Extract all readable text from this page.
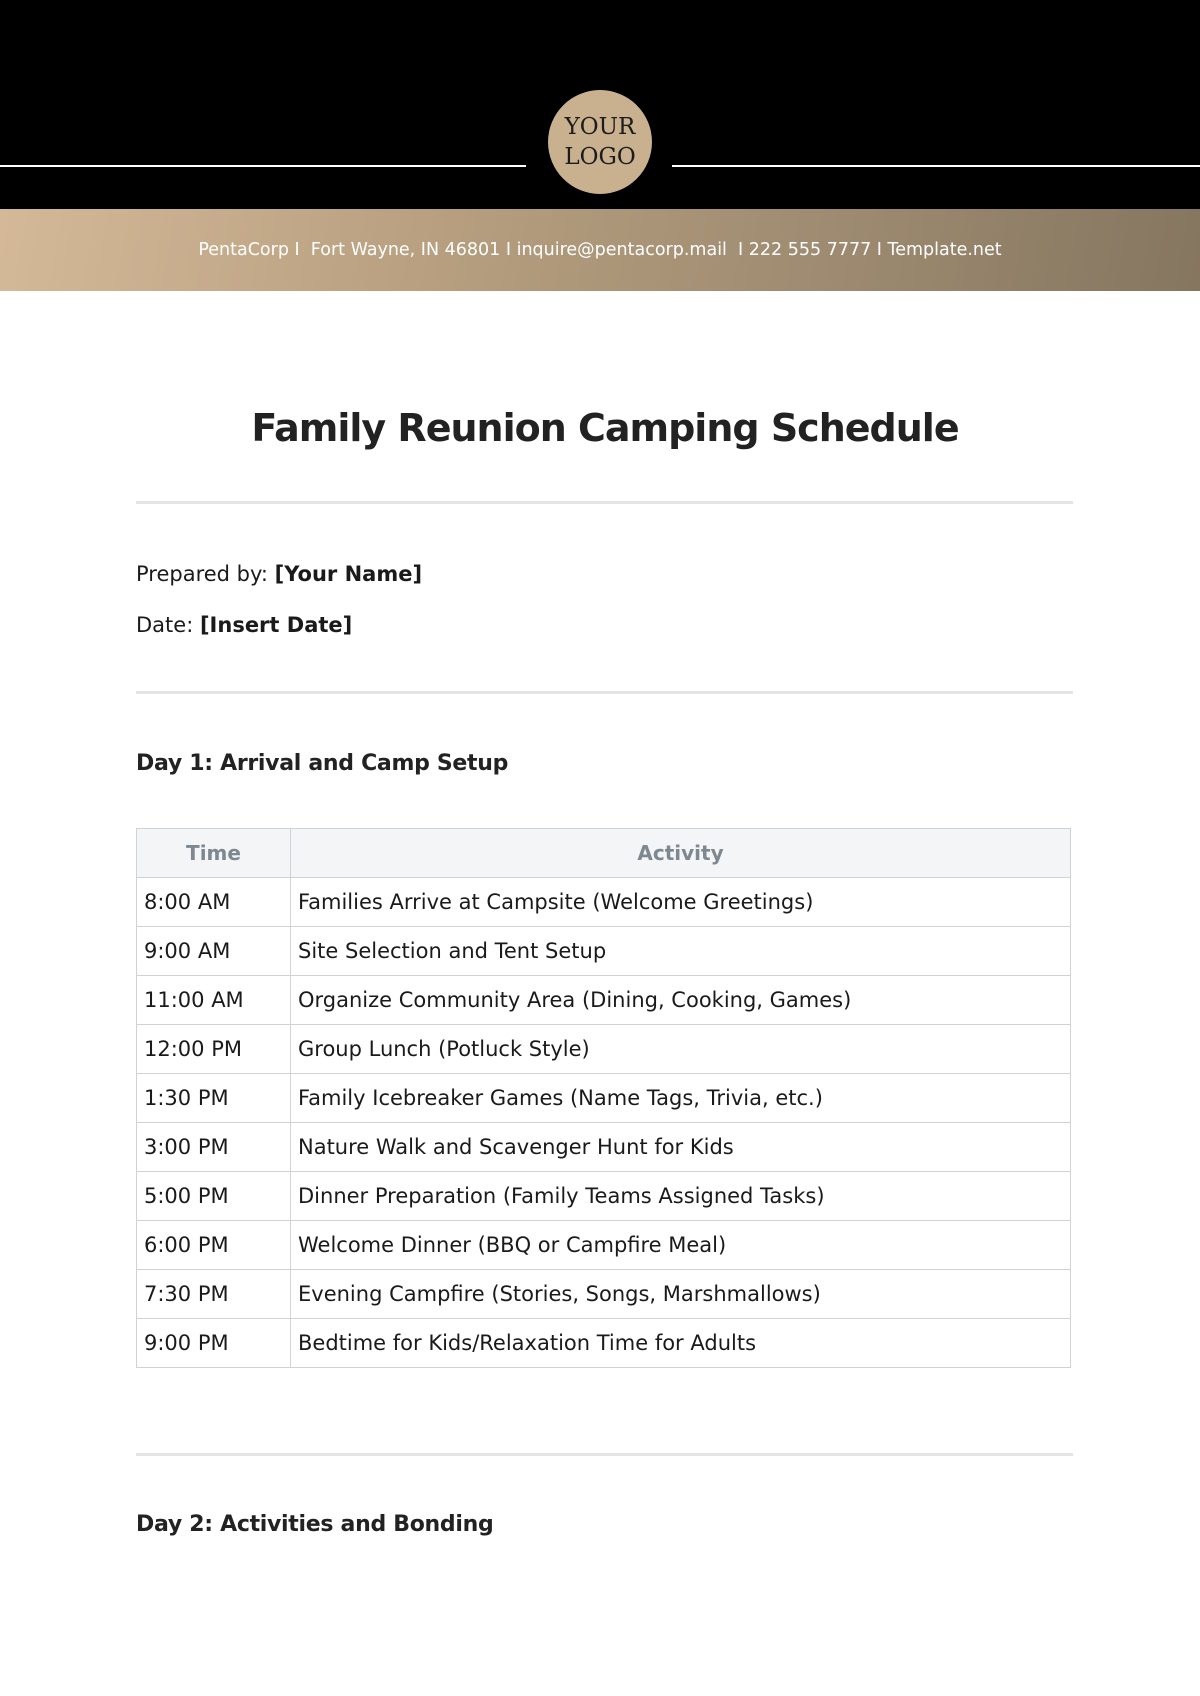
YOUR
LOGO
PentaCorp I  Fort Wayne, IN 46801 I inquire@pentacorp.mail  I 222 555 7777 I Template.net
Family Reunion Camping Schedule
Prepared by: [Your Name]
Date: [Insert Date]
Day 1: Arrival and Camp Setup
Time	Activity
8:00 AM	Families Arrive at Campsite (Welcome Greetings)
9:00 AM	Site Selection and Tent Setup
11:00 AM	Organize Community Area (Dining, Cooking, Games)
12:00 PM	Group Lunch (Potluck Style)
1:30 PM	Family Icebreaker Games (Name Tags, Trivia, etc.)
3:00 PM	Nature Walk and Scavenger Hunt for Kids
5:00 PM	Dinner Preparation (Family Teams Assigned Tasks)
6:00 PM	Welcome Dinner (BBQ or Campfire Meal)
7:30 PM	Evening Campfire (Stories, Songs, Marshmallows)
9:00 PM	Bedtime for Kids/Relaxation Time for Adults
Day 2: Activities and Bonding
